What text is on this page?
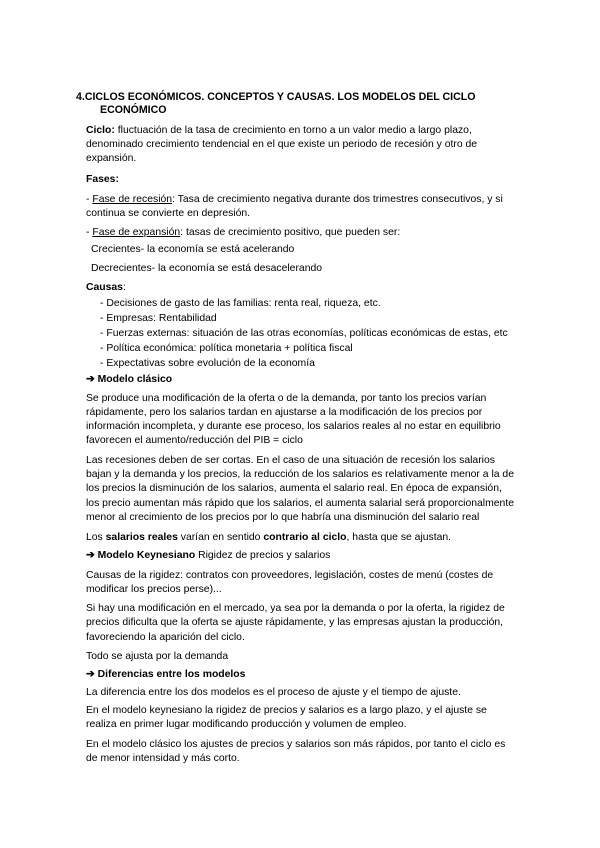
4.CICLOS ECONÓMICOS. CONCEPTOS Y CAUSAS. LOS MODELOS DEL CICLO
ECONÓMICO
Ciclo: fluctuación de la tasa de crecimiento en torno a un valor medio a largo plazo,
denominado crecimiento tendencial en el que existe un periodo de recesión y otro de
expansión.
Fases:
- Fase de recesión: Tasa de crecimiento negativa durante dos trimestres consecutivos, y si
continua se convierte en depresión.
- Fase de expansión: tasas de crecimiento positivo, que pueden ser:
Crecientes- la economía se está acelerando
Decrecientes- la economía se está desacelerando
Causas:
- Decisiones de gasto de las familias: renta real, riqueza, etc.
- Empresas: Rentabilidad
- Fuerzas externas: situación de las otras economías, políticas económicas de estas, etc
- Política económica: política monetaria + política fiscal
- Expectativas sobre evolución de la economía
➔ Modelo clásico
Se produce una modificación de la oferta o de la demanda, por tanto los precios varían
rápidamente, pero los salarios tardan en ajustarse a la modificación de los precios por
información incompleta, y durante ese proceso, los salarios reales al no estar en equilibrio
favorecen el aumento/reducción del PIB = ciclo
Las recesiones deben de ser cortas. En el caso de una situación de recesión los salarios
bajan y la demanda y los precios, la reducción de los salarios es relativamente menor a la de
los precios la disminución de los salarios, aumenta el salario real. En época de expansión,
los precio aumentan más rápido que los salarios, el aumenta salarial será proporcionalmente
menor al crecimiento de los precios por lo que habría una disminución del salario real
Los salarios reales varían en sentido contrario al ciclo, hasta que se ajustan.
➔ Modelo Keynesiano Rigidez de precios y salarios
Causas de la rigidez: contratos con proveedores, legislación, costes de menú (costes de
modificar los precios perse)...
Si hay una modificación en el mercado, ya sea por la demanda o por la oferta, la rigidez de
precios dificulta que la oferta se ajuste rápidamente, y las empresas ajustan la producción,
favoreciendo la aparición del ciclo.
Todo se ajusta por la demanda
➔ Diferencias entre los modelos
La diferencia entre los dos modelos es el proceso de ajuste y el tiempo de ajuste.
En el modelo keynesiano la rigidez de precios y salarios es a largo plazo, y el ajuste se
realiza en primer lugar modificando producción y volumen de empleo.
En el modelo clásico los ajustes de precios y salarios son más rápidos, por tanto el ciclo es
de menor intensidad y más corto.
